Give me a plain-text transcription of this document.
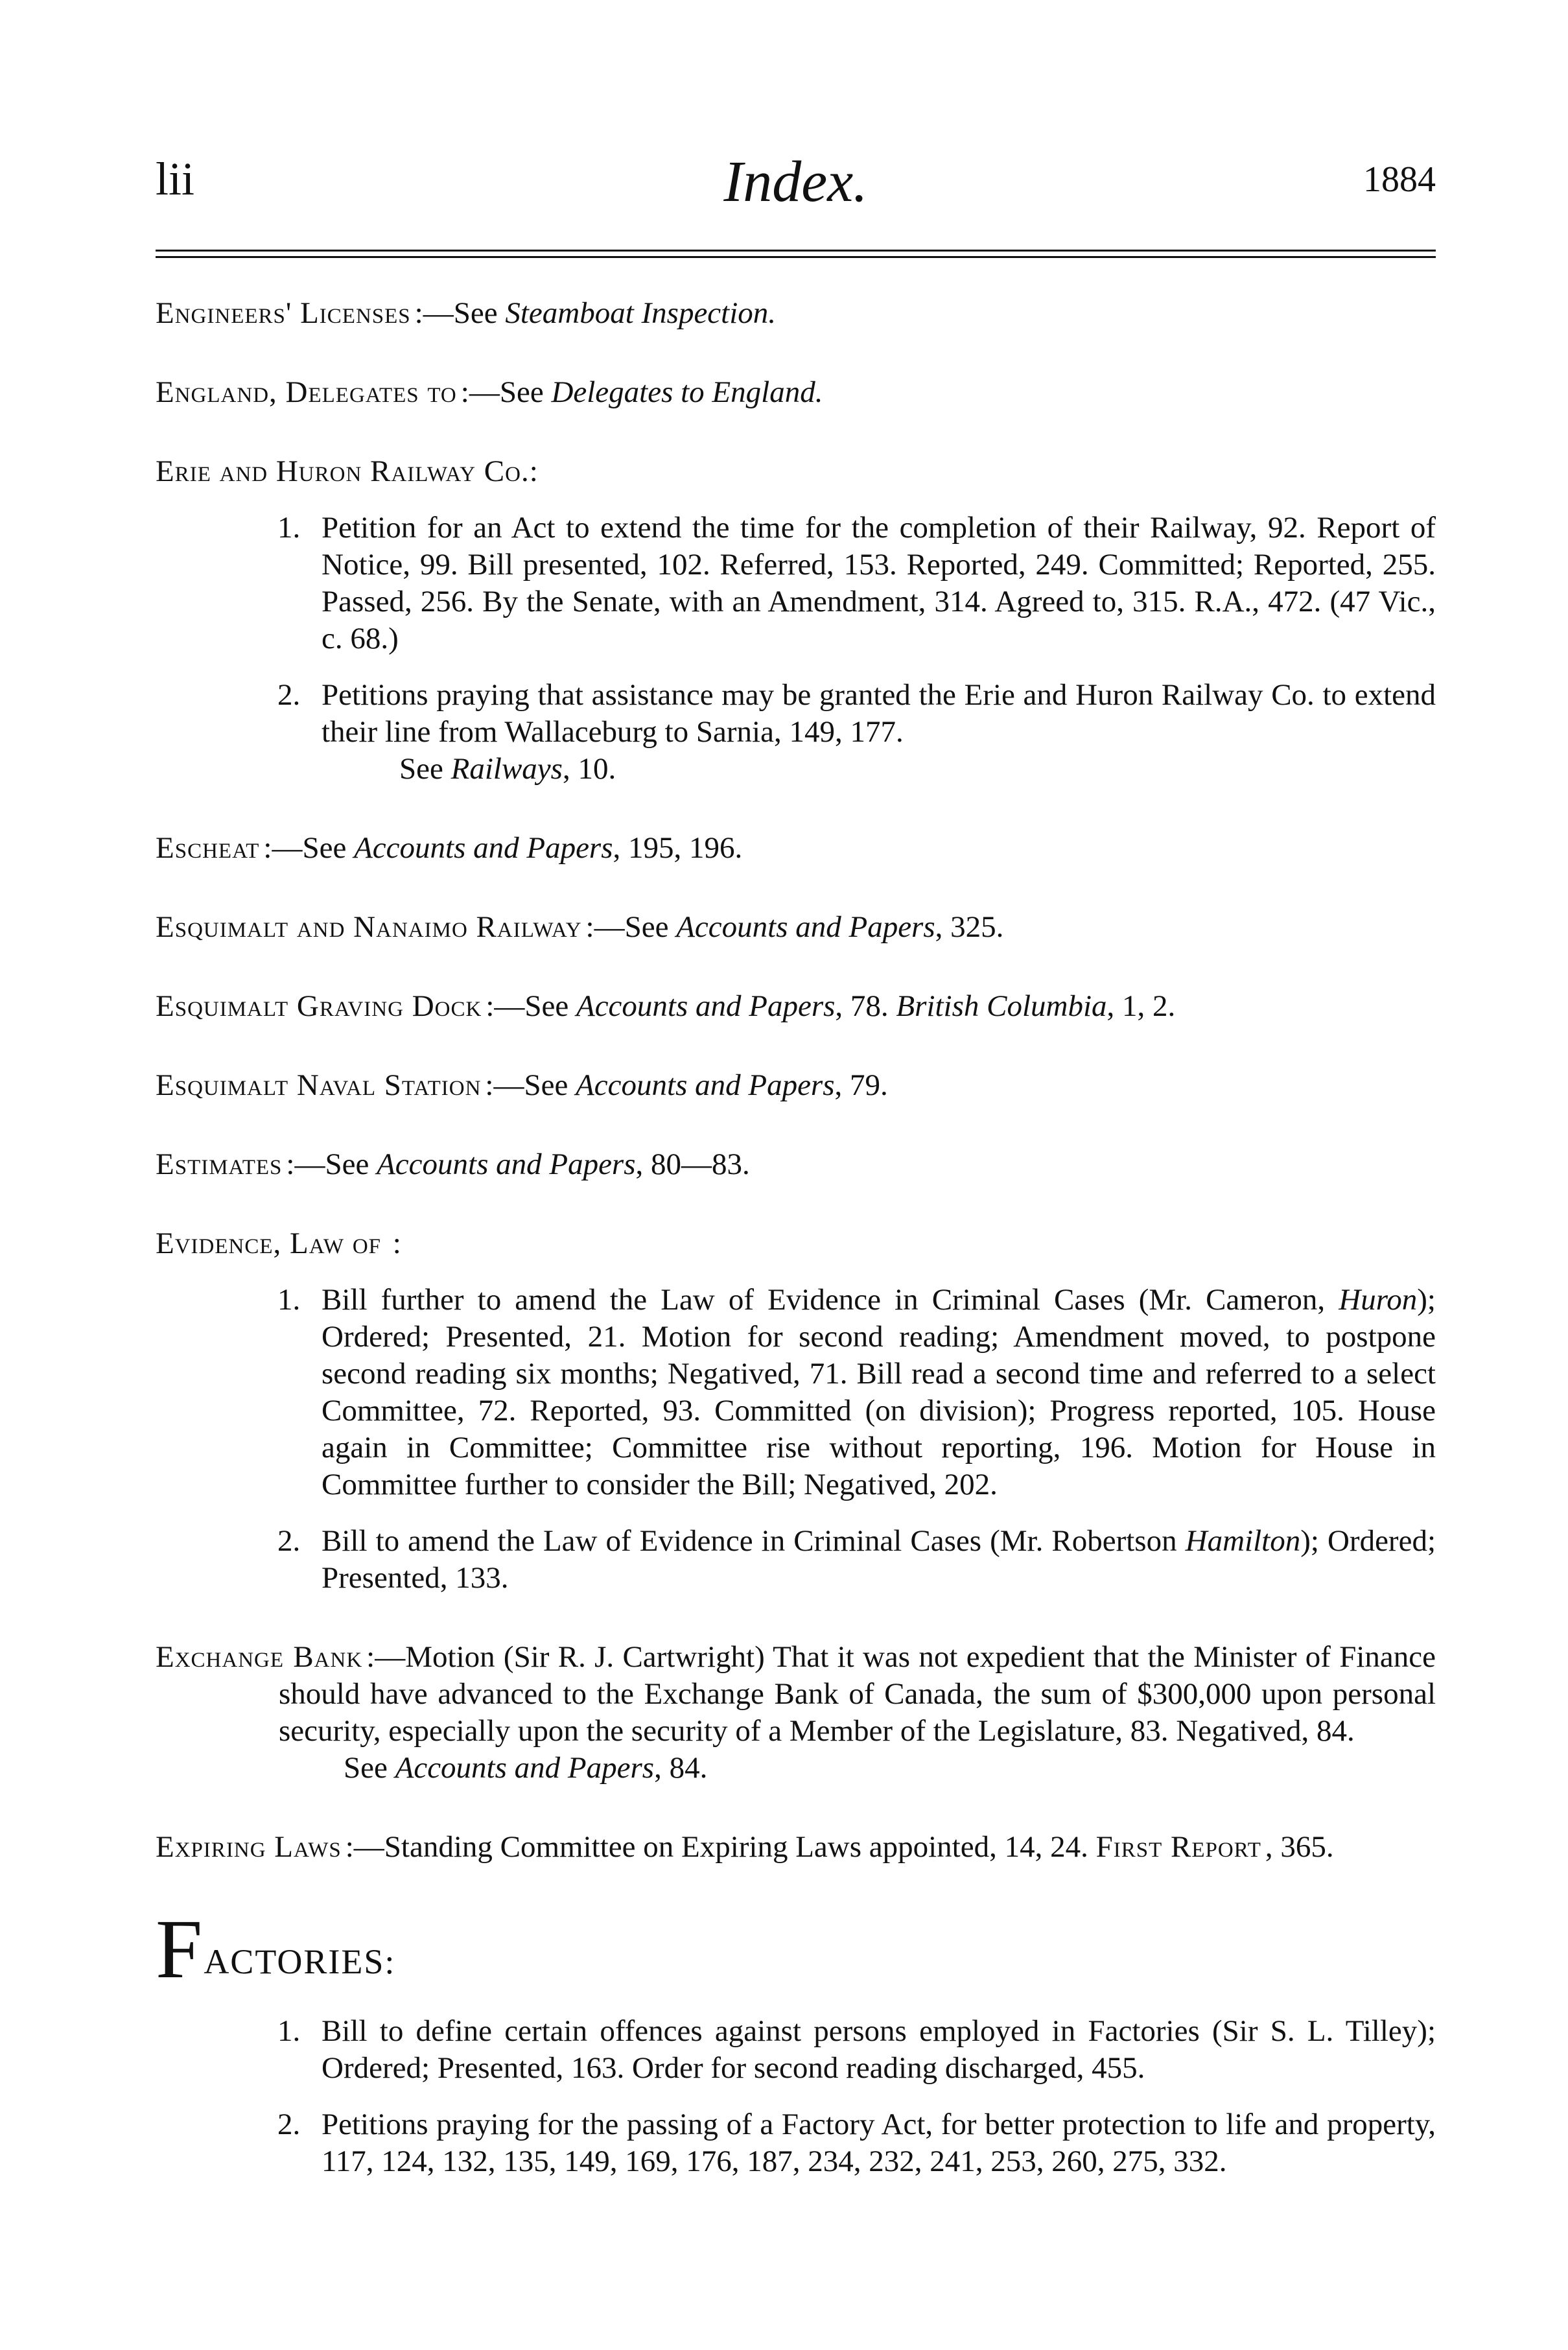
lii	Index.	1884
Engineers' Licenses :—See Steamboat Inspection.
England, Delegates to :—See Delegates to England.
Erie and Huron Railway Co.:
1. Petition for an Act to extend the time for the completion of their Railway, 92. Report of Notice, 99. Bill presented, 102. Referred, 153. Reported, 249. Committed; Reported, 255. Passed, 256. By the Senate, with an Amendment, 314. Agreed to, 315. R.A., 472. (47 Vic., c. 68.)
2. Petitions praying that assistance may be granted the Erie and Huron Railway Co. to extend their line from Wallaceburg to Sarnia, 149, 177.
See Railways, 10.
Escheat :—See Accounts and Papers, 195, 196.
Esquimalt and Nanaimo Railway :—See Accounts and Papers, 325.
Esquimalt Graving Dock :—See Accounts and Papers, 78. British Columbia, 1, 2.
Esquimalt Naval Station :—See Accounts and Papers, 79.
Estimates :—See Accounts and Papers, 80—83.
Evidence, Law of :
1. Bill further to amend the Law of Evidence in Criminal Cases (Mr. Cameron, Huron); Ordered; Presented, 21. Motion for second reading; Amendment moved, to postpone second reading six months; Negatived, 71. Bill read a second time and referred to a select Committee, 72. Reported, 93. Committed (on division); Progress reported, 105. House again in Committee; Committee rise without reporting, 196. Motion for House in Committee further to consider the Bill; Negatived, 202.
2. Bill to amend the Law of Evidence in Criminal Cases (Mr. Robertson Hamilton); Ordered; Presented, 133.
Exchange Bank :—Motion (Sir R. J. Cartwright) That it was not expedient that the Minister of Finance should have advanced to the Exchange Bank of Canada, the sum of $300,000 upon personal security, especially upon the security of a Member of the Legislature, 83. Negatived, 84.
See Accounts and Papers, 84.
Expiring Laws :—Standing Committee on Expiring Laws appointed, 14, 24. First Report , 365.
FACTORIES:
1. Bill to define certain offences against persons employed in Factories (Sir S. L. Tilley); Ordered; Presented, 163. Order for second reading discharged, 455.
2. Petitions praying for the passing of a Factory Act, for better protection to life and property, 117, 124, 132, 135, 149, 169, 176, 187, 234, 232, 241, 253, 260, 275, 332.
